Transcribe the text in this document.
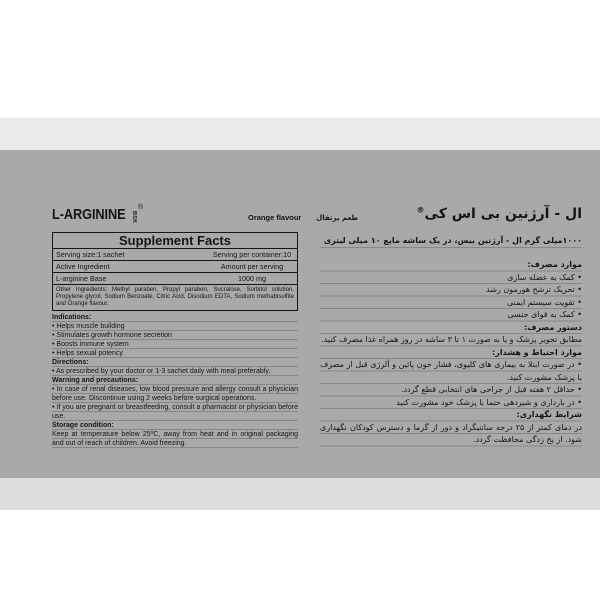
L-ARGININE BSK
®
Orange flavour
Supplement Facts
Serving size:1 sachet	Serving per container:10
Active Ingredient	Amount per serving
L-arginine Base	1000 mg
Other Ingredients: Methyl paraben, Propyl paraben, Sucralose, Sorbitol solution, Propylene glycol, Sodium Benzoate, Citric Acid, Disodium EDTA, Sodium methabisulfite and Orange flavour.
Indications:
• Helps muscle building
• Stimulates growth hormone secretion
• Boosts immune system
• Helps sexual potency
Directions:
• As prescribed by your doctor or 1-3 sachet daily with meal preferably.
Warning and precautions:
• In case of renal diseases, low blood pressure and allergy consult a physician before use. Discontinue using 2 weeks before surgical operations.
• If you are pregnant or breastfeeding, consult a pharmacist or physician before use.
Storage condition:
Keep at temperature below 25ºC, away from heat and in original packaging and out of reach of children. Avoid freezing.
ال - آرژنین بی اس کی®
طعم پرتقال
۱۰۰۰میلی گرم ال - آرژنین بیس، در یک ساشه مایع ۱۰ میلی لیتری
موارد مصرف:
• کمک به عضله سازی
• تحریک ترشح هورمون رشد
• تقویت سیستم ایمنی
• کمک به قوای جنسی
دستور مصرف:
مطابق تجویز پزشک و یا به صورت ۱ تا ۳ ساشه در روز همراه غذا مصرف کنید.
موارد احتیاط و هشدار:
• در صورت ابتلا به بیماری های کلیوی، فشار خون پائین و آلرژی قبل از مصرف با پزشک مشورت کنید.
• حداقل ۲ هفته قبل از جراحی های انتخابی قطع گردد.
• در بارداری و شیردهی حتما با پزشک خود مشورت کنید
شرایط نگهداری:
در دمای کمتر از ۲۵ درجه سانتیگراد و دور از گرما و دسترس کودکان نگهداری شود. از یخ زدگی محافظت گردد.
